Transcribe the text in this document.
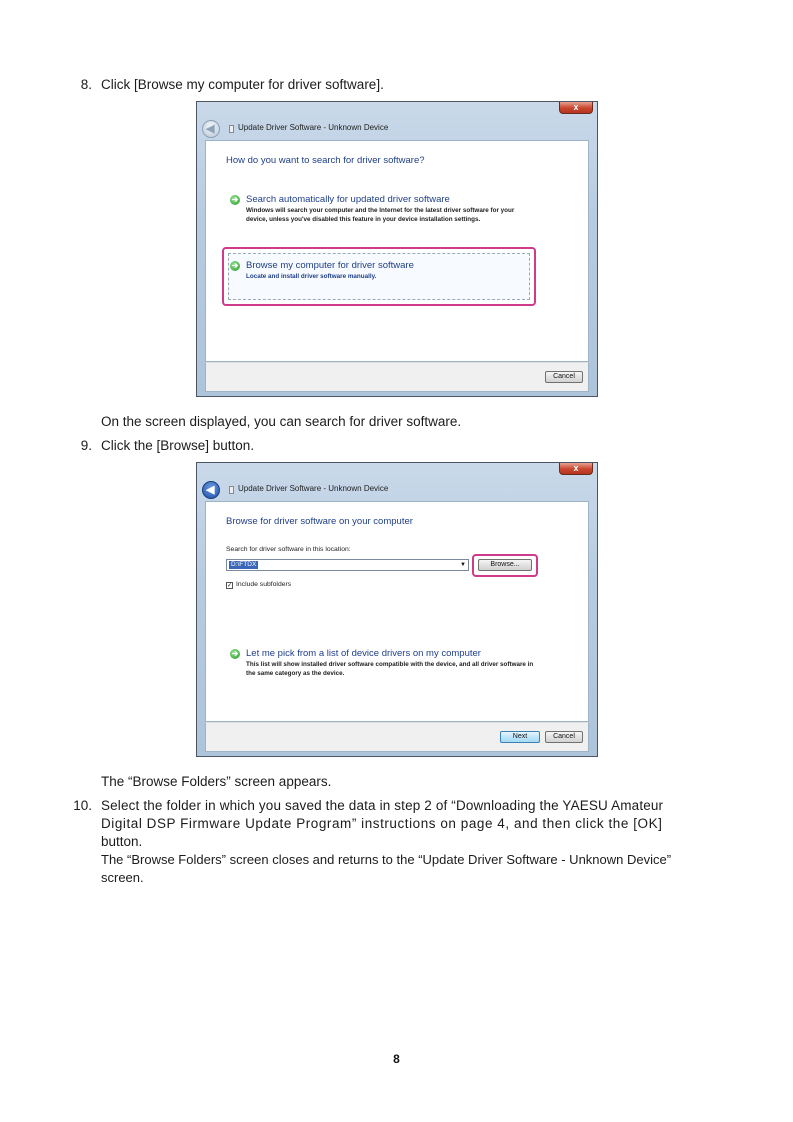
8. Click [Browse my computer for driver software].
x
◀	Update Driver Software - Unknown Device
How do you want to search for driver software?
➔ Search automatically for updated driver software
Windows will search your computer and the Internet for the latest driver software for your device, unless you've disabled this feature in your device installation settings.
➔ Browse my computer for driver software
Locate and install driver software manually.
Cancel
On the screen displayed, you can search for driver software.
9. Click the [Browse] button.
x
◀	Update Driver Software - Unknown Device
Browse for driver software on your computer
Search for driver software in this location:
D:\FTDX	▼	Browse...
✓ Include subfolders
➔ Let me pick from a list of device drivers on my computer
This list will show installed driver software compatible with the device, and all driver software in the same category as the device.
Next	Cancel
The “Browse Folders” screen appears.
10. Select the folder in which you saved the data in step 2 of “Downloading the YAESU Amateur
Digital DSP Firmware Update Program” instructions on page 4, and then click the [OK]
button.
The “Browse Folders” screen closes and returns to the “Update Driver Software - Unknown Device”
screen.
8
